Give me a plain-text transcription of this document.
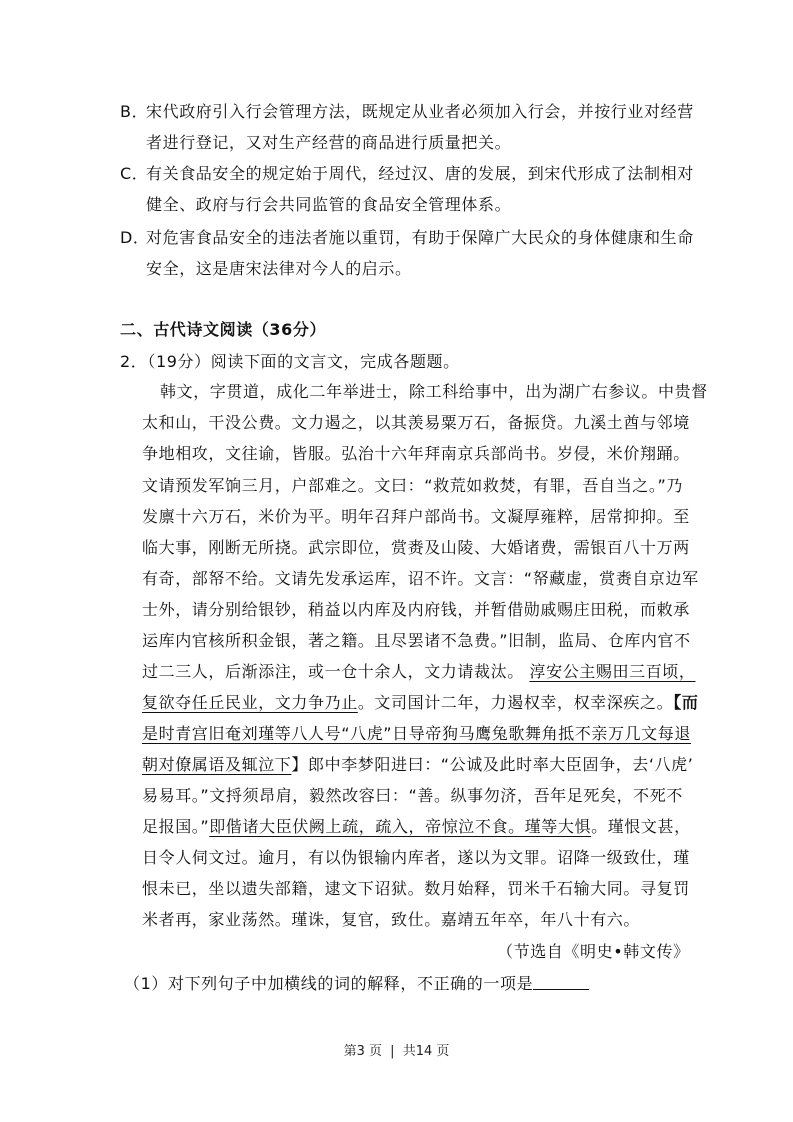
B．宋代政府引入行会管理方法，既规定从业者必须加入行会，并按行业对经营
者进行登记，又对生产经营的商品进行质量把关。
C．有关食品安全的规定始于周代，经过汉、唐的发展，到宋代形成了法制相对
健全、政府与行会共同监管的食品安全管理体系。
D．对危害食品安全的违法者施以重罚，有助于保障广大民众的身体健康和生命
安全，这是唐宋法律对今人的启示。
二、古代诗文阅读（36分）
2．（19分）阅读下面的文言文，完成各题题。
韩文，字贯道，成化二年举进士，除工科给事中，出为湖广右参议。中贵督
太和山，干没公费。文力遏之，以其羡易粟万石，备振贷。九溪土酋与邻境
争地相攻，文往谕，皆服。弘治十六年拜南京兵部尚书。岁侵，米价翔踊。
文请预发军饷三月，户部难之。文曰：“救荒如救焚，有罪，吾自当之。”乃
发廪十六万石，米价为平。明年召拜户部尚书。文凝厚雍粹，居常抑抑。至
临大事，刚断无所挠。武宗即位，赏赉及山陵、大婚诸费，需银百八十万两
有奇，部帑不给。文请先发承运库，诏不许。文言：“帑藏虚，赏赉自京边军
士外，请分别给银钞，稍益以内库及内府钱，并暂借勋戚赐庄田税，而敕承
运库内官核所积金银，著之籍。且尽罢诸不急费。”旧制，监局、仓库内官不
过二三人，后渐添注，或一仓十余人，文力请裁汰。 淳安公主赐田三百顷，
复欲夺任丘民业，文力争乃止。文司国计二年，力遏权幸，权幸深疾之。【而
是时青宫旧奄刘瑾等八人号“八虎”日导帝狗马鹰兔歌舞角抵不亲万几文每退
朝对僚属语及辄泣下】郎中李梦阳进曰：“公诚及此时率大臣固争，去‘八虎’
易易耳。”文捋须昂肩，毅然改容曰：“善。纵事勿济，吾年足死矣，不死不
足报国。”即偕诸大臣伏阙上疏，疏入，帝惊泣不食。瑾等大惧。瑾恨文甚，
日令人伺文过。逾月，有以伪银输内库者，遂以为文罪。诏降一级致仕，瑾
恨未已，坐以遗失部籍，逮文下诏狱。数月始释，罚米千石输大同。寻复罚
米者再，家业荡然。瑾诛，复官，致仕。嘉靖五年卒，年八十有六。
（节选自《明史•韩文传》
（1）对下列句子中加横线的词的解释，不正确的一项是
第3 页 | 共14 页
